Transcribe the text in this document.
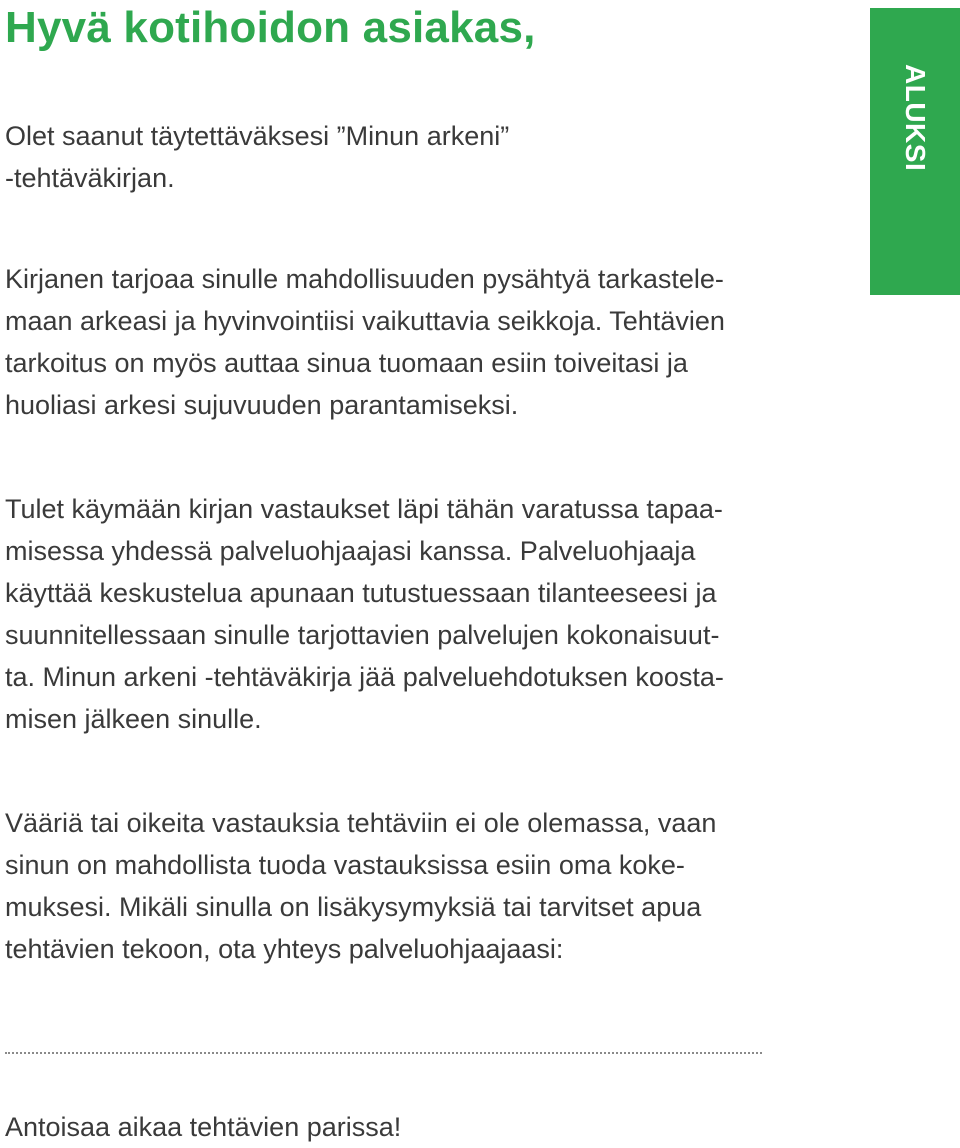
Hyvä kotihoidon asiakas,
ALUKSI

Olet saanut täytettäväksesi ”Minun arkeni”
-tehtäväkirjan.

Kirjanen tarjoaa sinulle mahdollisuuden pysähtyä tarkastele-
maan arkeasi ja hyvinvointiisi vaikuttavia seikkoja. Tehtävien
tarkoitus on myös auttaa sinua tuomaan esiin toiveitasi ja
huoliasi arkesi sujuvuuden parantamiseksi.

Tulet käymään kirjan vastaukset läpi tähän varatussa tapaa-
misessa yhdessä palveluohjaajasi kanssa. Palveluohjaaja
käyttää keskustelua apunaan tutustuessaan tilanteeseesi ja
suunnitellessaan sinulle tarjottavien palvelujen kokonaisuut-
ta. Minun arkeni -tehtäväkirja jää palveluehdotuksen koosta-
misen jälkeen sinulle.

Vääriä tai oikeita vastauksia tehtäviin ei ole olemassa, vaan
sinun on mahdollista tuoda vastauksissa esiin oma koke-
muksesi. Mikäli sinulla on lisäkysymyksiä tai tarvitset apua
tehtävien tekoon, ota yhteys palveluohjaajaasi:

Antoisaa aikaa tehtävien parissa!
